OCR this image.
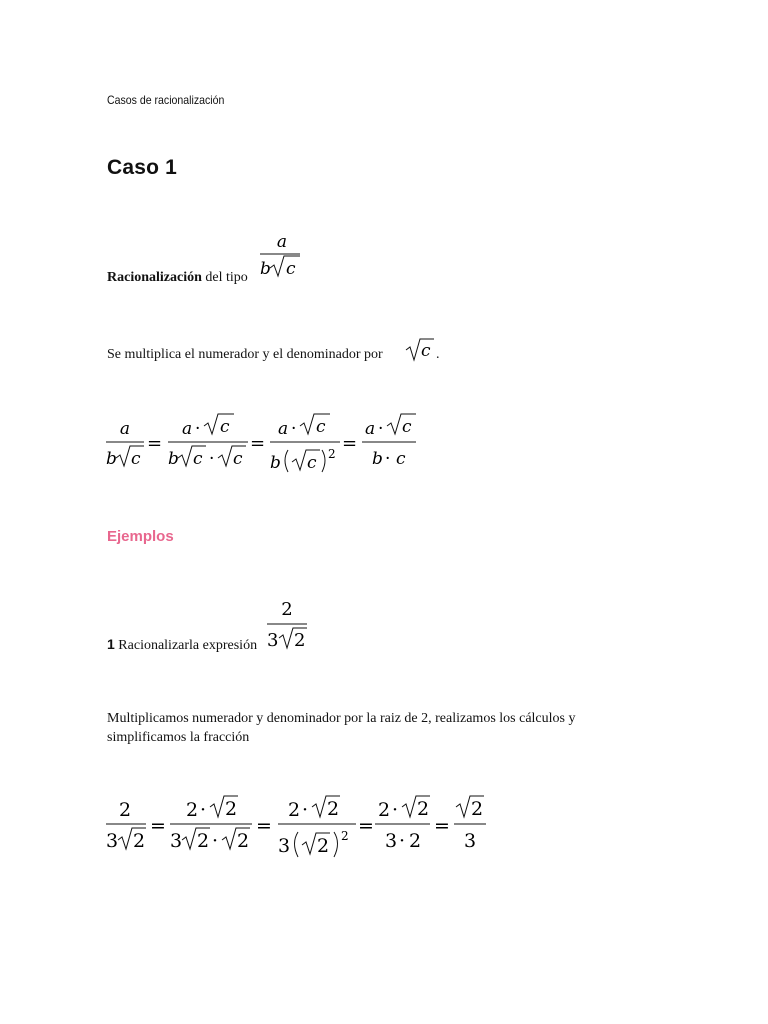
Casos de racionalización
Caso 1
Racionalización del tipo
a
b c
Se multiplica el numerador y el denominador por c .
a
b c
=
a · c
b c · c
=
a · c
b c 2 =
a · c
b · c
Ejemplos
1 Racionalizarla expresión
2
3 2
Multiplicamos numerador y denominador por la raiz de 2, realizamos los cálculos y simplificamos la fracción
2
3 2
=
2 · 2
3 2 · 2
=
2 · 2
3 2 2 =
2 · 2
3 · 2
=
2
3
